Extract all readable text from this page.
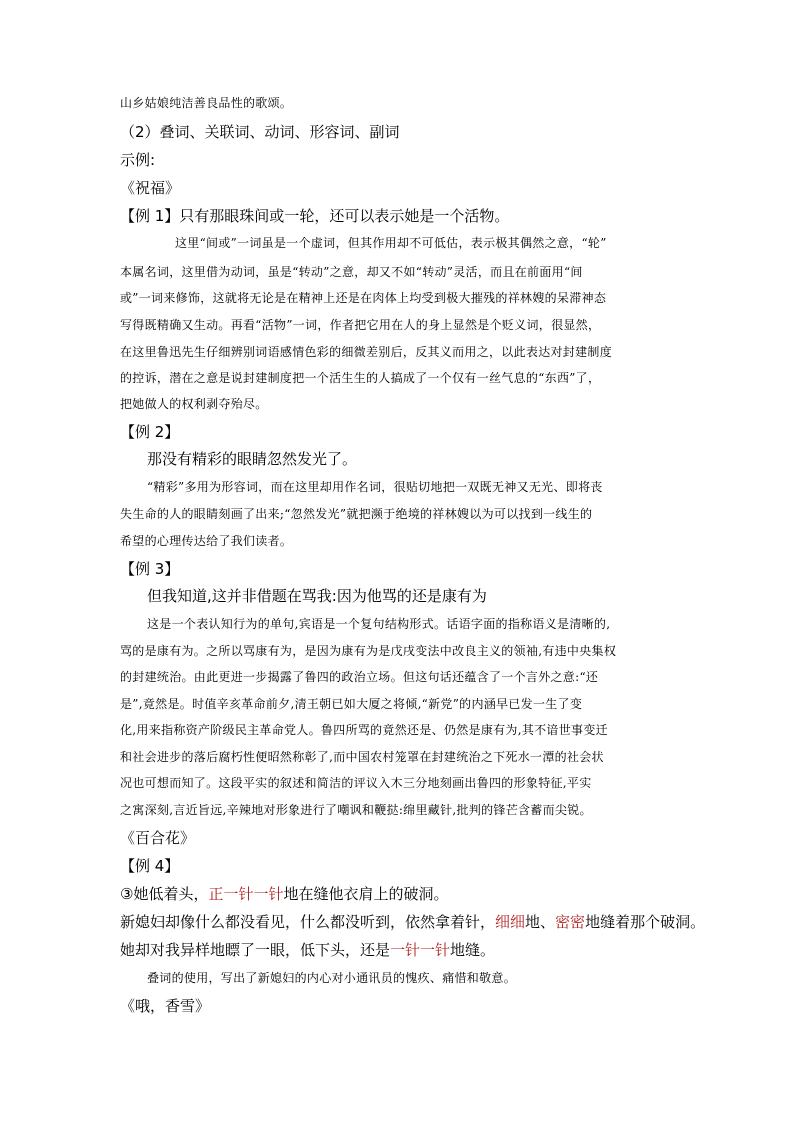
山乡姑娘纯洁善良品性的歌颂。
（2）叠词、关联词、动词、形容词、副词
示例:
《祝福》
【例 1】只有那眼珠间或一轮，还可以表示她是一个活物。
这里“间或”一词虽是一个虚词，但其作用却不可低估，表示极其偶然之意，“轮”
本属名词，这里借为动词，虽是“转动”之意，却又不如“转动”灵活，而且在前面用“间
或”一词来修饰，这就将无论是在精神上还是在肉体上均受到极大摧残的祥林嫂的呆滞神态
写得既精确又生动。再看“活物”一词，作者把它用在人的身上显然是个贬义词，很显然，
在这里鲁迅先生仔细辨别词语感情色彩的细微差别后，反其义而用之，以此表达对封建制度
的控诉，潜在之意是说封建制度把一个活生生的人搞成了一个仅有一丝气息的“东西”了，
把她做人的权利剥夺殆尽。
【例 2】
那没有精彩的眼睛忽然发光了。
“精彩”多用为形容词，而在这里却用作名词，很贴切地把一双既无神又无光、即将丧
失生命的人的眼睛刻画了出来;“忽然发光”就把濒于绝境的祥林嫂以为可以找到一线生的
希望的心理传达给了我们读者。
【例 3】
但我知道,这并非借题在骂我:因为他骂的还是康有为
这是一个表认知行为的单句,宾语是一个复句结构形式。话语字面的指称语义是清晰的,
骂的是康有为。之所以骂康有为，是因为康有为是戊戌变法中改良主义的领袖,有违中央集权
的封建统治。由此更进一步揭露了鲁四的政治立场。但这句话还蕴含了一个言外之意:“还
是”,竟然是。时值辛亥革命前夕,清王朝已如大厦之将倾,“新党”的内涵早已发一生了变
化,用来指称资产阶级民主革命党人。鲁四所骂的竟然还是、仍然是康有为,其不谙世事变迁
和社会进步的落后腐朽性便昭然称彰了,而中国农村笼罩在封建统治之下死水一潭的社会状
况也可想而知了。这段平实的叙述和简洁的评议入木三分地刻画出鲁四的形象特征,平实
之寓深刻,言近旨远,辛辣地对形象进行了嘲讽和鞭挞:绵里藏针,批判的锋芒含蓄而尖锐。
《百合花》
【例 4】
③她低着头，正一针一针地在缝他衣肩上的破洞。
新媳妇却像什么都没看见，什么都没听到，依然拿着针，细细地、密密地缝着那个破洞。
她却对我异样地瞟了一眼，低下头，还是一针一针地缝。
叠词的使用，写出了新媳妇的内心对小通讯员的愧疚、痛惜和敬意。
《哦，香雪》
